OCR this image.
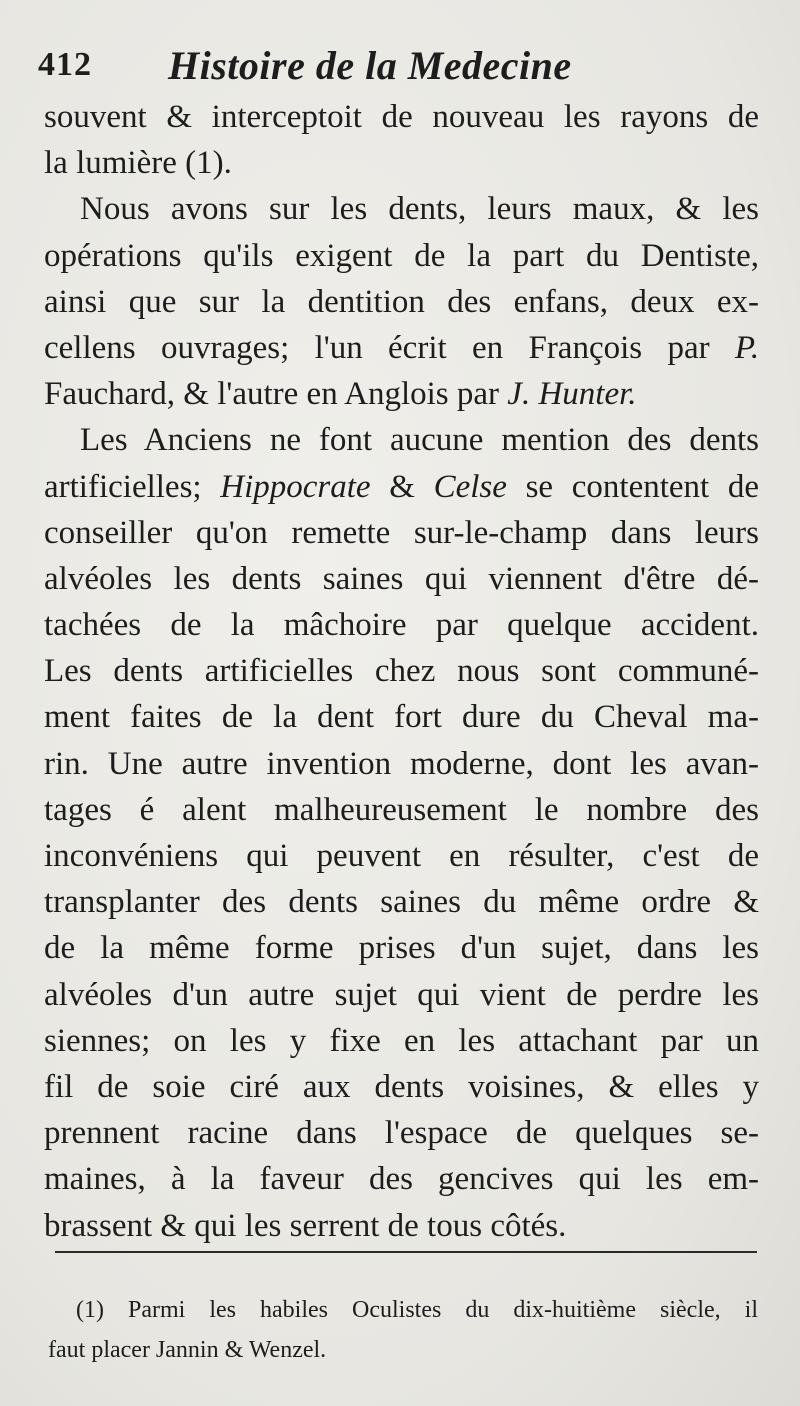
412 Histoire de la Medecine
souvent & interceptoit de nouveau les rayons de
la lumière (1).
Nous avons sur les dents, leurs maux, & les
opérations qu'ils exigent de la part du Dentiste,
ainsi que sur la dentition des enfans, deux ex-
cellens ouvrages; l'un écrit en François par P.
Fauchard, & l'autre en Anglois par J. Hunter.
Les Anciens ne font aucune mention des dents
artificielles; Hippocrate & Celse se contentent de
conseiller qu'on remette sur-le-champ dans leurs
alvéoles les dents saines qui viennent d'être dé-
tachées de la mâchoire par quelque accident.
Les dents artificielles chez nous sont communé-
ment faites de la dent fort dure du Cheval ma-
rin. Une autre invention moderne, dont les avan-
tages é alent malheureusement le nombre des
inconvéniens qui peuvent en résulter, c'est de
transplanter des dents saines du même ordre &
de la même forme prises d'un sujet, dans les
alvéoles d'un autre sujet qui vient de perdre les
siennes; on les y fixe en les attachant par un
fil de soie ciré aux dents voisines, & elles y
prennent racine dans l'espace de quelques se-
maines, à la faveur des gencives qui les em-
brassent & qui les serrent de tous côtés.
(1) Parmi les habiles Oculistes du dix-huitième siècle, il
faut placer Jannin & Wenzel.
